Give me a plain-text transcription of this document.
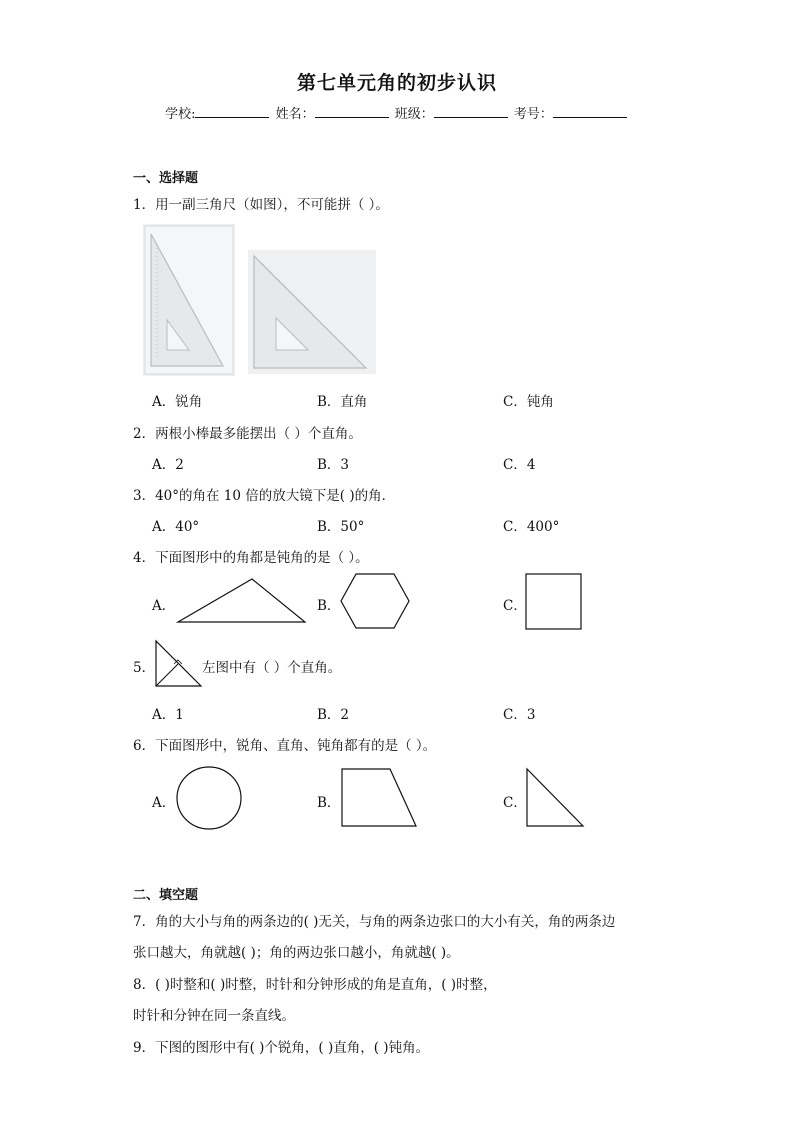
第七单元角的初步认识
学校:	姓名：	班级：	考号：
一、选择题
1．用一副三角尺（如图），不可能拼（ ）。
A．锐角	B．直角	C．钝角
2．两根小棒最多能摆出（ ）个直角。
A．2	B．3	C．4
3．40°的角在 10 倍的放大镜下是( )的角．
A．40°	B．50°	C．400°
4．下面图形中的角都是钝角的是（ ）。
A．	B．	C．
5．	左图中有（ ）个直角。
A．1	B．2	C．3
6．下面图形中，锐角、直角、钝角都有的是（ ）。
A．	B．	C．
二、填空题
7．角的大小与角的两条边的( )无关，与角的两条边张口的大小有关，角的两条边
张口越大，角就越( )；角的两边张口越小，角就越( )。
8．( )时整和( )时整，时针和分钟形成的角是直角，( )时整，
时针和分钟在同一条直线。
9．下图的图形中有( )个锐角，( )直角，( )钝角。
